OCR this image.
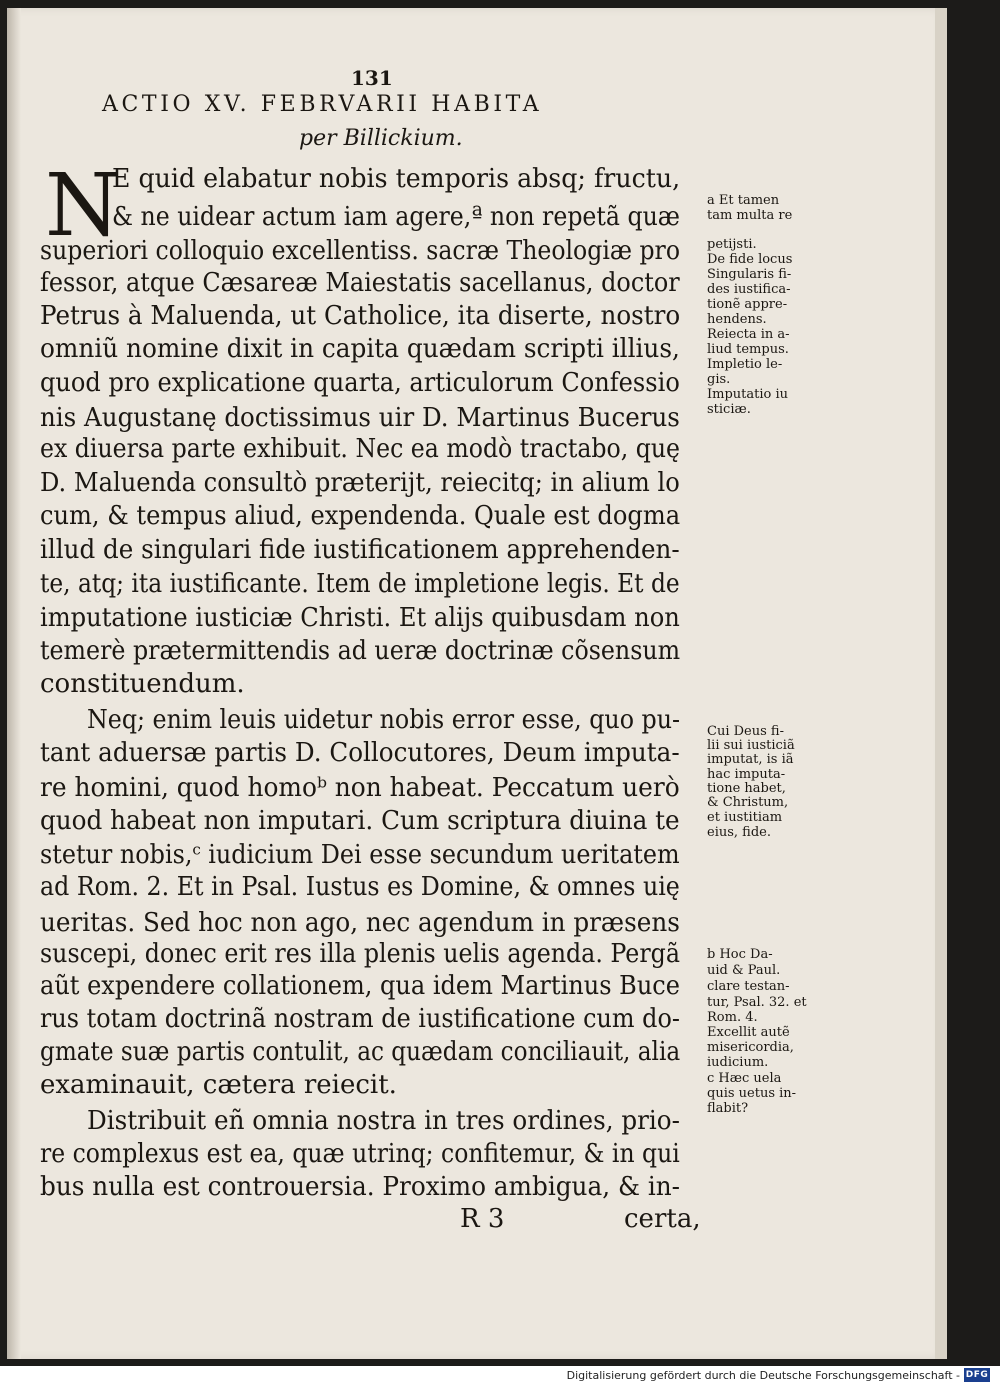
131
ACTIO XV. FEBRVARII HABITA
per Billickium.
N
E quid elabatur nobis temporis absq; fructu,
& ne uidear actum iam agere,ª non repetã quæ
superiori colloquio excellentiss. sacræ Theologiæ pro
fessor, atque Cæsareæ Maiestatis sacellanus, doctor
Petrus à Maluenda, ut Catholice, ita diserte, nostro
omniũ nomine dixit in capita quædam scripti illius,
quod pro explicatione quarta, articulorum Confessio
nis Augustanę doctissimus uir D. Martinus Bucerus
ex diuersa parte exhibuit. Nec ea modò tractabo, quę
D. Maluenda consultò præterijt, reiecitq; in alium lo
cum, & tempus aliud, expendenda. Quale est dogma
illud de singulari fide iustificationem apprehenden-
te, atq; ita iustificante. Item de impletione legis. Et de
imputatione iusticiæ Christi. Et alijs quibusdam non
temerè prætermittendis ad ueræ doctrinæ cõsensum
constituendum.
Neq; enim leuis uidetur nobis error esse, quo pu-
tant aduersæ partis D. Collocutores, Deum imputa-
re homini, quod homoᵇ non habeat. Peccatum uerò
quod habeat non imputari. Cum scriptura diuina te
stetur nobis,ᶜ iudicium Dei esse secundum ueritatem
ad Rom. 2. Et in Psal. Iustus es Domine, & omnes uię
ueritas. Sed hoc non ago, nec agendum in præsens
suscepi, donec erit res illa plenis uelis agenda. Pergã
aũt expendere collationem, qua idem Martinus Buce
rus totam doctrinã nostram de iustificatione cum do-
gmate suæ partis contulit, ac quædam conciliauit, alia
examinauit, cætera reiecit.
Distribuit eñ omnia nostra in tres ordines, prio-
re complexus est ea, quæ utrinq; confitemur, & in qui
bus nulla est controuersia. Proximo ambigua, & in-
a Et tamen
tam multa re
petijsti.
De fide locus
Singularis fi-
des iustifica-
tionẽ appre-
hendens.
Reiecta in a-
liud tempus.
Impletio le-
gis.
Imputatio iu
sticiæ.
Cui Deus fi-
lii sui iusticiã
imputat, is iã
hac imputa-
tione habet,
& Christum,
et iustitiam
eius, fide.
b Hoc Da-
uid & Paul.
clare testan-
tur, Psal. 32. et
Rom. 4.
Excellit autẽ
misericordia,
iudicium.
c Hæc uela
quis uetus in-
flabit?
R 3	certa,
Digitalisierung gefördert durch die Deutsche Forschungsgemeinschaft - DFG
